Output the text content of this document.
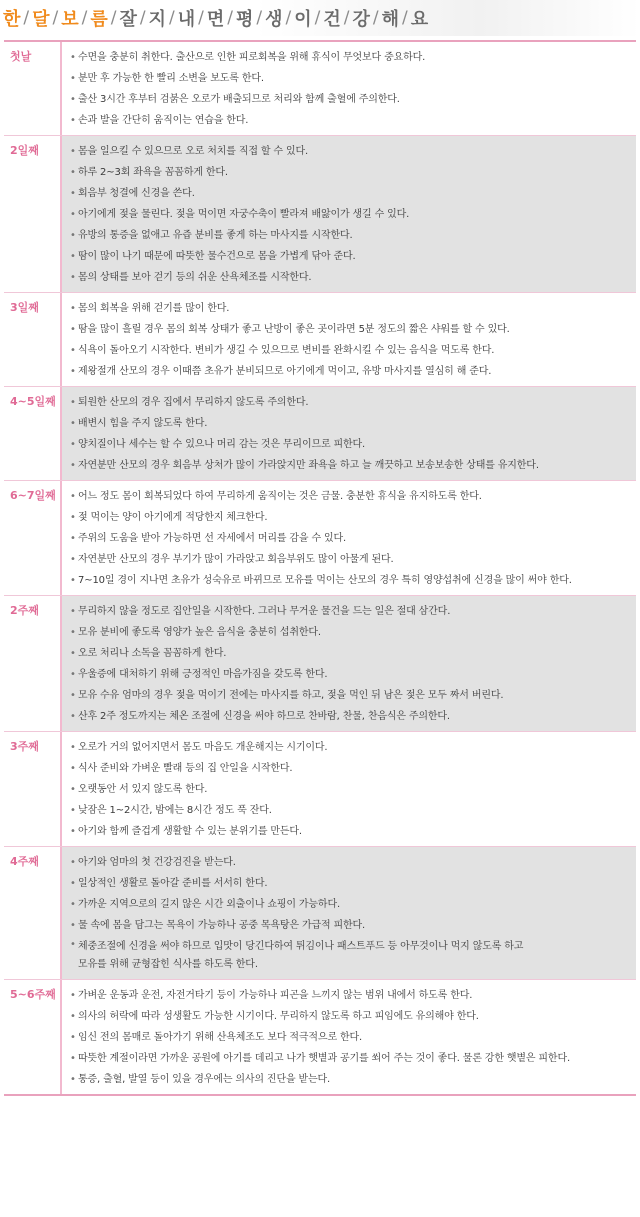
한 / 달 / 보 / 름 / 잘 / 지 / 내 / 면 / 평 / 생 / 이 / 건 / 강 / 해 / 요
첫날	• 수면을 충분히 취한다. 출산으로 인한 피로회복을 위해 휴식이 무엇보다 중요하다.
• 분만 후 가능한 한 빨리 소변을 보도록 한다.
• 출산 3시간 후부터 검붉은 오로가 배출되므로 처리와 함께 출혈에 주의한다.
• 손과 발을 간단히 움직이는 연습을 한다.
2일째	• 몸을 일으킬 수 있으므로 오로 처치를 직접 할 수 있다.
• 하루 2~3회 좌욕을 꼼꼼하게 한다.
• 회음부 청결에 신경을 쓴다.
• 아기에게 젖을 물린다. 젖을 먹이면 자궁수축이 빨라져 배앓이가 생길 수 있다.
• 유방의 통증을 없애고 유즙 분비를 좋게 하는 마사지를 시작한다.
• 땀이 많이 나기 때문에 따뜻한 물수건으로 몸을 가볍게 닦아 준다.
• 몸의 상태를 보아 걷기 등의 쉬운 산욕체조를 시작한다.
3일째	• 몸의 회복을 위해 걷기를 많이 한다.
• 땀을 많이 흘릴 경우 몸의 회복 상태가 좋고 난방이 좋은 곳이라면 5분 정도의 짧은 샤워를 할 수 있다.
• 식욕이 돌아오기 시작한다. 변비가 생길 수 있으므로 변비를 완화시킬 수 있는 음식을 먹도록 한다.
• 제왕절개 산모의 경우 이때쯤 초유가 분비되므로 아기에게 먹이고, 유방 마사지를 열심히 해 준다.
4~5일째	• 퇴원한 산모의 경우 집에서 무리하지 않도록 주의한다.
• 배변시 힘을 주지 않도록 한다.
• 양치질이나 세수는 할 수 있으나 머리 감는 것은 무리이므로 피한다.
• 자연분만 산모의 경우 회음부 상처가 많이 가라앉지만 좌욕을 하고 늘 깨끗하고 보송보송한 상태를 유지한다.
6~7일째	• 어느 정도 몸이 회복되었다 하여 무리하게 움직이는 것은 금물. 충분한 휴식을 유지하도록 한다.
• 젖 먹이는 양이 아기에게 적당한지 체크한다.
• 주위의 도움을 받아 가능하면 선 자세에서 머리를 감을 수 있다.
• 자연분만 산모의 경우 부기가 많이 가라앉고 회음부위도 많이 아물게 된다.
• 7~10일 경이 지나면 초유가 성숙유로 바뀌므로 모유를 먹이는 산모의 경우 특히 영양섭취에 신경을 많이 써야 한다.
2주째	• 무리하지 않을 정도로 집안일을 시작한다. 그러나 무거운 물건을 드는 일은 절대 삼간다.
• 모유 분비에 좋도록 영양가 높은 음식을 충분히 섭취한다.
• 오로 처리나 소독을 꼼꼼하게 한다.
• 우울증에 대처하기 위해 긍정적인 마음가짐을 갖도록 한다.
• 모유 수유 엄마의 경우 젖을 먹이기 전에는 마사지를 하고, 젖을 먹인 뒤 남은 젖은 모두 짜서 버린다.
• 산후 2주 정도까지는 체온 조절에 신경을 써야 하므로 찬바람, 찬물, 찬음식은 주의한다.
3주째	• 오로가 거의 없어지면서 몸도 마음도 개운해지는 시기이다.
• 식사 준비와 가벼운 빨래 등의 집 안일을 시작한다.
• 오랫동안 서 있지 않도록 한다.
• 낮잠은 1~2시간, 밤에는 8시간 정도 푹 잔다.
• 아기와 함께 즐겁게 생활할 수 있는 분위기를 만든다.
4주째	• 아기와 엄마의 첫 건강검진을 받는다.
• 일상적인 생활로 돌아갈 준비를 서서히 한다.
• 가까운 지역으로의 길지 않은 시간 외출이나 쇼핑이 가능하다.
• 물 속에 몸을 담그는 목욕이 가능하나 공중 목욕탕은 가급적 피한다.
• 체중조절에 신경을 써야 하므로 입맛이 당긴다하여 튀김이나 패스트푸드 등 아무것이나 먹지 않도록 하고
모유를 위해 균형잡힌 식사를 하도록 한다.
5~6주째	• 가벼운 운동과 운전, 자전거타기 등이 가능하나 피곤을 느끼지 않는 범위 내에서 하도록 한다.
• 의사의 허락에 따라 성생활도 가능한 시기이다. 무리하지 않도록 하고 피임에도 유의해야 한다.
• 임신 전의 몸매로 돌아가기 위해 산욕체조도 보다 적극적으로 한다.
• 따뜻한 계절이라면 가까운 공원에 아기를 데리고 나가 햇볕과 공기를 쐬어 주는 것이 좋다. 물론 강한 햇볕은 피한다.
• 통증, 출혈, 발열 등이 있을 경우에는 의사의 진단을 받는다.
